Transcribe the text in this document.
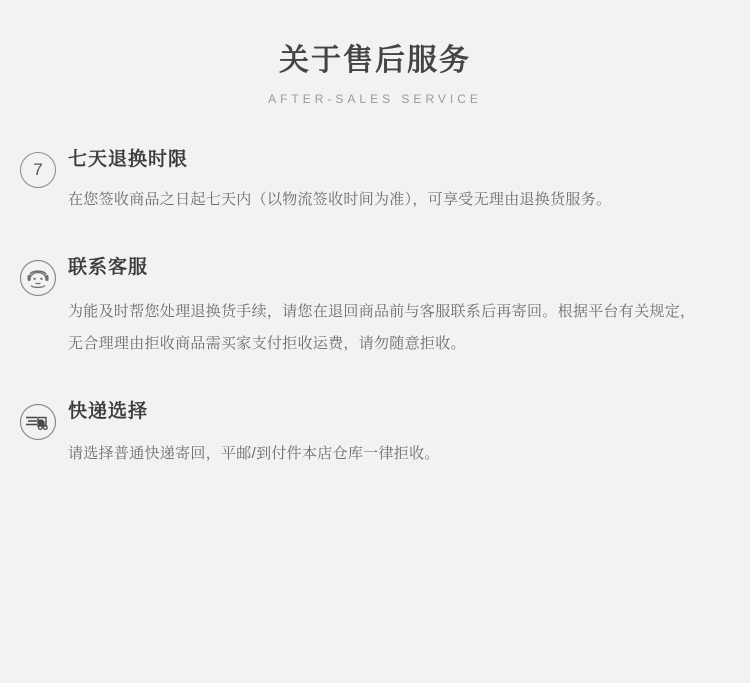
关于售后服务
AFTER-SALES SERVICE
7	七天退换时限

在您签收商品之日起七天内（以物流签收时间为准），可享受无理由退换货服务。

联系客服

为能及时帮您处理退换货手续，请您在退回商品前与客服联系后再寄回。根据平台有关规定，无合理理由拒收商品需买家支付拒收运费，请勿随意拒收。

快递选择

请选择普通快递寄回，平邮/到付件本店仓库一律拒收。
